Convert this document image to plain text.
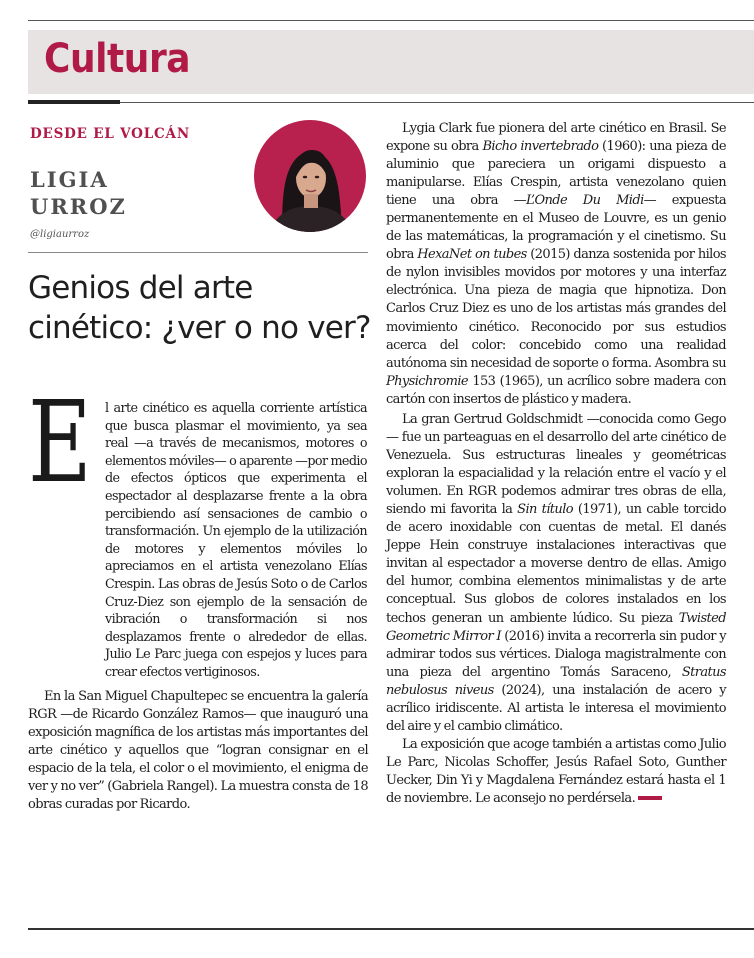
Cultura
DESDE EL VOLCÁN
LIGIA URROZ
@ligiaurroz
Genios del arte cinético: ¿ver o no ver?
E l arte cinético es aquella corriente artística que busca plasmar el movimiento, ya sea real —a través de mecanismos, motores o elementos móviles— o aparente —por medio de efectos ópticos que experimenta el espectador al desplazarse frente a la obra percibiendo así sensaciones de cambio o transformación. Un ejemplo de la utilización de motores y elementos móviles lo apreciamos en el artista venezolano Elías Crespin. Las obras de Jesús Soto o de Carlos Cruz-Diez son ejemplo de la sensación de vibración o transformación si nos desplazamos frente o alrededor de ellas. Julio Le Parc juega con espejos y luces para crear efectos vertiginosos.

En la San Miguel Chapultepec se encuentra la galería RGR —de Ricardo González Ramos— que inauguró una exposición magnífica de los artistas más importantes del arte cinético y aquellos que “logran consignar en el espacio de la tela, el color o el movimiento, el enigma de ver y no ver” (Gabriela Rangel). La muestra consta de 18 obras curadas por Ricardo.

La gran Gertrud Goldschmidt —conocida como Gego— fue un parteaguas en el desarrollo del arte cinético de Venezuela. Sus estructuras lineales y geométricas exploran la espacialidad y la relación entre el vacío y el volumen. En RGR podemos admirar tres obras de ella, siendo mi favorita la Sin título (1971), un cable torcido de acero inoxidable con cuentas de metal. El danés Jeppe Hein construye instalaciones interactivas que invitan al espectador a moverse dentro de ellas. Amigo del humor, combina elementos minimalistas y de arte conceptual. Sus globos de colores instalados en los techos generan un ambiente lúdico. Su pieza Twisted Geometric Mirror I (2016) invita a recorrerla sin pudor y admirar todos sus vértices. Dialoga magistralmente con una pieza del argentino Tomás Saraceno, Stratus nebulosus niveus (2024), una instalación de acero y acrílico iridiscente. Al artista le interesa el movimiento del aire y el cambio climático.

La exposición que acoge también a artistas como Julio Le Parc, Nicolas Schoffer, Jesús Rafael Soto, Gunther Uecker, Din Yi y Magdalena Fernández estará hasta el 1 de noviembre. Le aconsejo no perdérsela.

Lygia Clark fue pionera del arte cinético en Brasil. Se expone su obra Bicho invertebrado (1960): una pieza de aluminio que pareciera un origami dispuesto a manipularse. Elías Crespin, artista venezolano quien tiene una obra —L’Onde Du Midi— expuesta permanentemente en el Museo de Louvre, es un genio de las matemáticas, la programación y el cinetismo. Su obra HexaNet on tubes (2015) danza sostenida por hilos de nylon invisibles movidos por motores y una interfaz electrónica. Una pieza de magia que hipnotiza. Don Carlos Cruz Diez es uno de los artistas más grandes del movimiento cinético. Reconocido por sus estudios acerca del color: concebido como una realidad autónoma sin necesidad de soporte o forma. Asombra su Physichromie 153 (1965), un acrílico sobre madera con cartón con insertos de plástico y madera.
